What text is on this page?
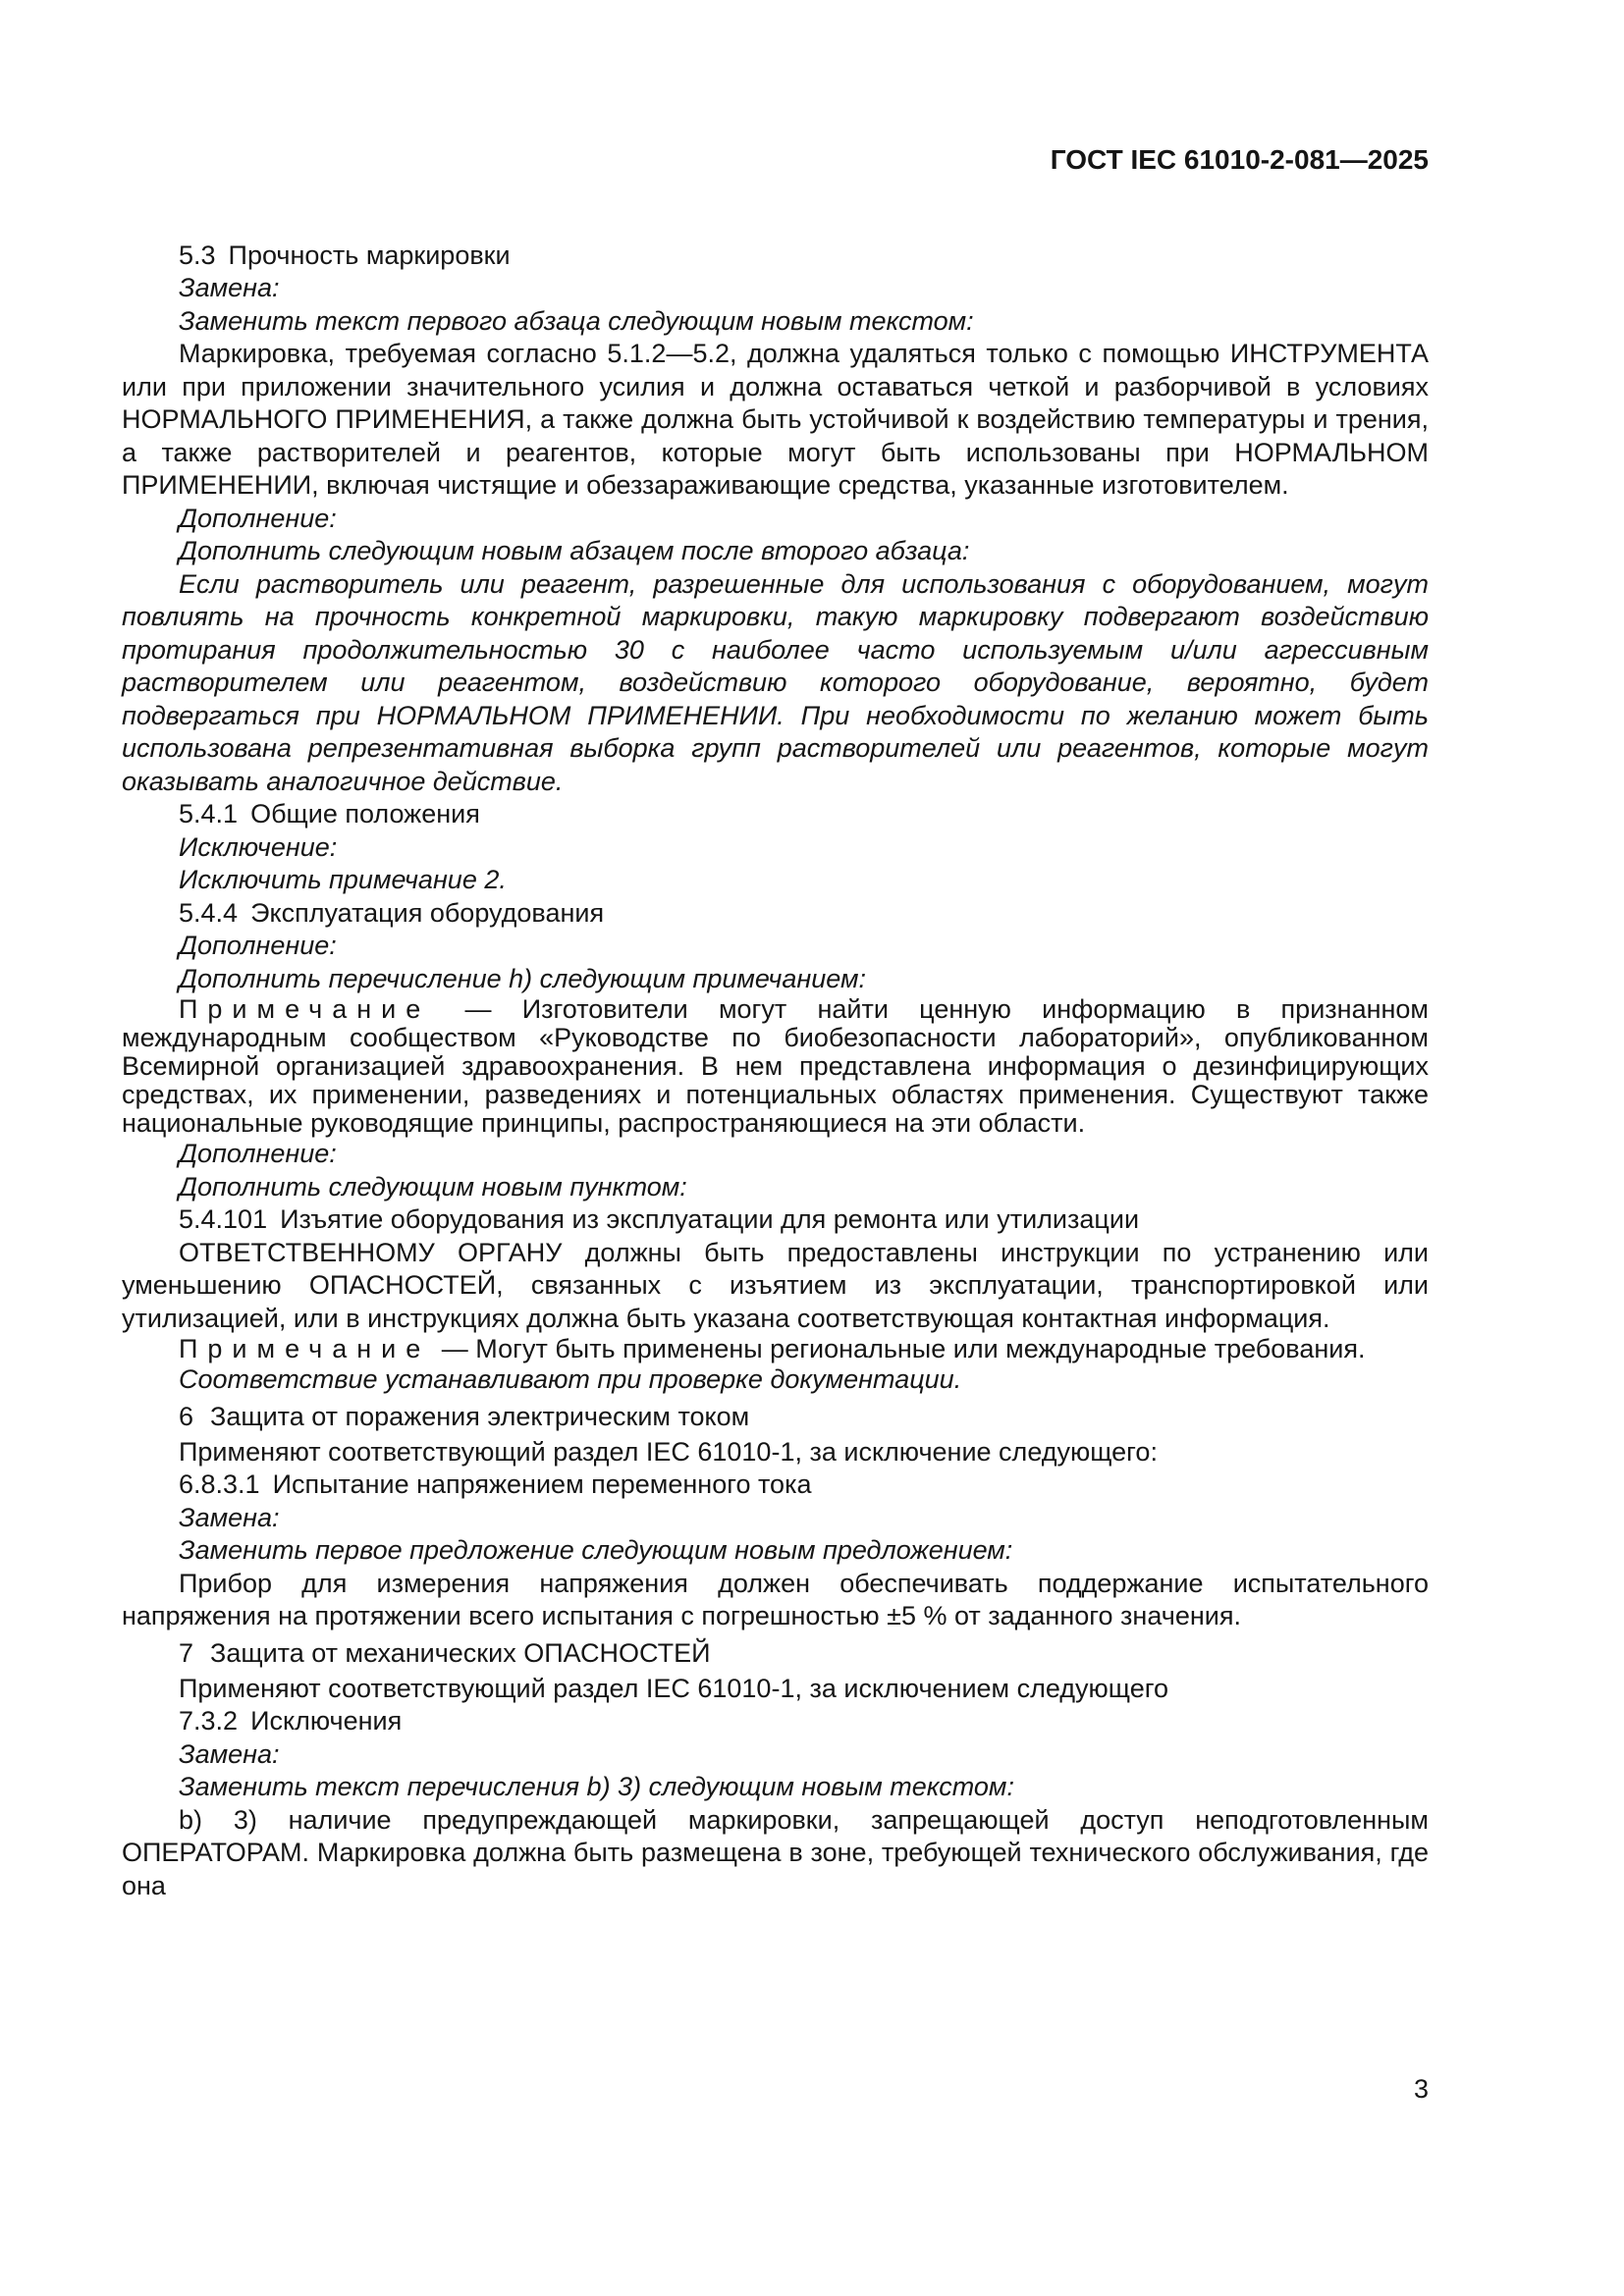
ГОСТ IEC 61010-2-081—2025
5.3 Прочность маркировки

Замена:

Заменить текст первого абзаца следующим новым текстом:

Маркировка, требуемая согласно 5.1.2—5.2, должна удаляться только с помощью ИНСТРУМЕНТА или при приложении значительного усилия и должна оставаться четкой и разборчивой в условиях НОРМАЛЬНОГО ПРИМЕНЕНИЯ, а также должна быть устойчивой к воздействию температуры и трения, а также растворителей и реагентов, которые могут быть использованы при НОРМАЛЬНОМ ПРИМЕНЕНИИ, включая чистящие и обеззараживающие средства, указанные изготовителем.

Дополнение:

Дополнить следующим новым абзацем после второго абзаца:

Если растворитель или реагент, разрешенные для использования с оборудованием, могут повлиять на прочность конкретной маркировки, такую маркировку подвергают воздействию протирания продолжительностью 30 с наиболее часто используемым и/или агрессивным растворителем или реагентом, воздействию которого оборудование, вероятно, будет подвергаться при НОРМАЛЬНОМ ПРИМЕНЕНИИ. При необходимости по желанию может быть использована репрезентативная выборка групп растворителей или реагентов, которые могут оказывать аналогичное действие.

5.4.1 Общие положения

Исключение:

Исключить примечание 2.

5.4.4 Эксплуатация оборудования

Дополнение:

Дополнить перечисление h) следующим примечанием:

Примечание — Изготовители могут найти ценную информацию в признанном международным сообществом «Руководстве по биобезопасности лабораторий», опубликованном Всемирной организацией здравоохранения. В нем представлена информация о дезинфицирующих средствах, их применении, разведениях и потенциальных областях применения. Существуют также национальные руководящие принципы, распространяющиеся на эти области.

Дополнение:

Дополнить следующим новым пунктом:

5.4.101 Изъятие оборудования из эксплуатации для ремонта или утилизации

ОТВЕТСТВЕННОМУ ОРГАНУ должны быть предоставлены инструкции по устранению или уменьшению ОПАСНОСТЕЙ, связанных с изъятием из эксплуатации, транспортировкой или утилизацией, или в инструкциях должна быть указана соответствующая контактная информация.

Примечание — Могут быть применены региональные или международные требования.

Соответствие устанавливают при проверке документации.

6 Защита от поражения электрическим током

Применяют соответствующий раздел IEC 61010-1, за исключение следующего:

6.8.3.1 Испытание напряжением переменного тока

Замена:

Заменить первое предложение следующим новым предложением:

Прибор для измерения напряжения должен обеспечивать поддержание испытательного напряжения на протяжении всего испытания с погрешностью ±5 % от заданного значения.

7 Защита от механических ОПАСНОСТЕЙ

Применяют соответствующий раздел IEC 61010-1, за исключением следующего

7.3.2 Исключения

Замена:

Заменить текст перечисления b) 3) следующим новым текстом:

b) 3) наличие предупреждающей маркировки, запрещающей доступ неподготовленным ОПЕРАТОРАМ. Маркировка должна быть размещена в зоне, требующей технического обслуживания, где она

3
